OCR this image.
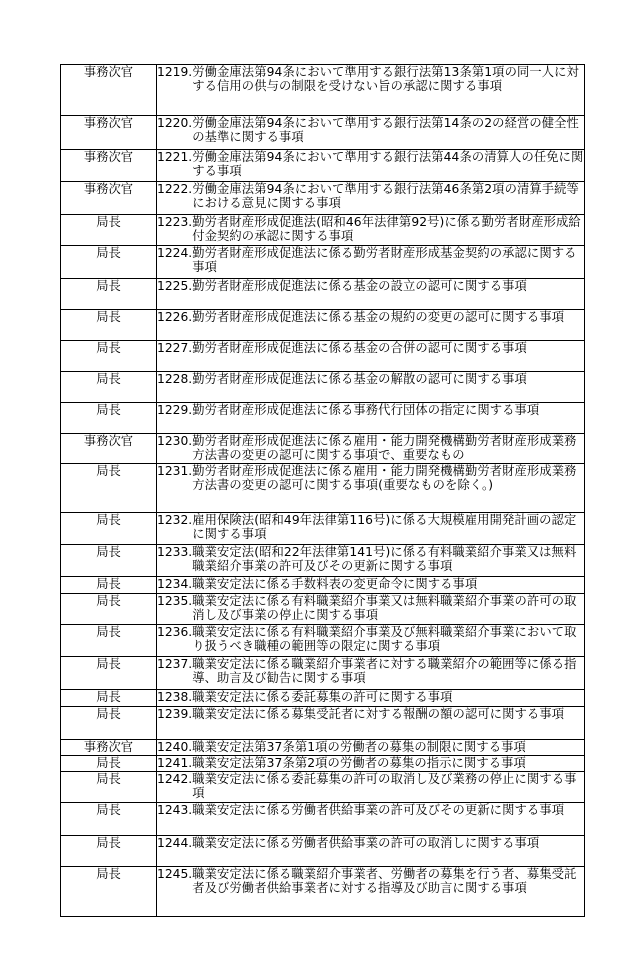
事務次官	1219. 労働金庫法第94条において準用する銀行法第13条第1項の同一人に対する信用の供与の制限を受けない旨の承認に関する事項

事務次官	1220. 労働金庫法第94条において準用する銀行法第14条の2の経営の健全性の基準に関する事項

事務次官	1221. 労働金庫法第94条において準用する銀行法第44条の清算人の任免に関する事項

事務次官	1222. 労働金庫法第94条において準用する銀行法第46条第2項の清算手続等における意見に関する事項

局長	1223. 勤労者財産形成促進法(昭和46年法律第92号)に係る勤労者財産形成給付金契約の承認に関する事項

局長	1224. 勤労者財産形成促進法に係る勤労者財産形成基金契約の承認に関する事項

局長	1225. 勤労者財産形成促進法に係る基金の設立の認可に関する事項

局長	1226. 勤労者財産形成促進法に係る基金の規約の変更の認可に関する事項

局長	1227. 勤労者財産形成促進法に係る基金の合併の認可に関する事項

局長	1228. 勤労者財産形成促進法に係る基金の解散の認可に関する事項

局長	1229. 勤労者財産形成促進法に係る事務代行団体の指定に関する事項

事務次官	1230. 勤労者財産形成促進法に係る雇用・能力開発機構勤労者財産形成業務方法書の変更の認可に関する事項で、重要なもの

局長	1231. 勤労者財産形成促進法に係る雇用・能力開発機構勤労者財産形成業務方法書の変更の認可に関する事項(重要なものを除く。)

局長	1232. 雇用保険法(昭和49年法律第116号)に係る大規模雇用開発計画の認定に関する事項

局長	1233. 職業安定法(昭和22年法律第141号)に係る有料職業紹介事業又は無料職業紹介事業の許可及びその更新に関する事項

局長	1234. 職業安定法に係る手数料表の変更命令に関する事項

局長	1235. 職業安定法に係る有料職業紹介事業又は無料職業紹介事業の許可の取消し及び事業の停止に関する事項

局長	1236. 職業安定法に係る有料職業紹介事業及び無料職業紹介事業において取り扱うべき職種の範囲等の限定に関する事項

局長	1237. 職業安定法に係る職業紹介事業者に対する職業紹介の範囲等に係る指導、助言及び勧告に関する事項

局長	1238. 職業安定法に係る委託募集の許可に関する事項

局長	1239. 職業安定法に係る募集受託者に対する報酬の額の認可に関する事項

事務次官	1240. 職業安定法第37条第1項の労働者の募集の制限に関する事項

局長	1241. 職業安定法第37条第2項の労働者の募集の指示に関する事項

局長	1242. 職業安定法に係る委託募集の許可の取消し及び業務の停止に関する事項

局長	1243. 職業安定法に係る労働者供給事業の許可及びその更新に関する事項

局長	1244. 職業安定法に係る労働者供給事業の許可の取消しに関する事項

局長	1245. 職業安定法に係る職業紹介事業者、労働者の募集を行う者、募集受託者及び労働者供給事業者に対する指導及び助言に関する事項
